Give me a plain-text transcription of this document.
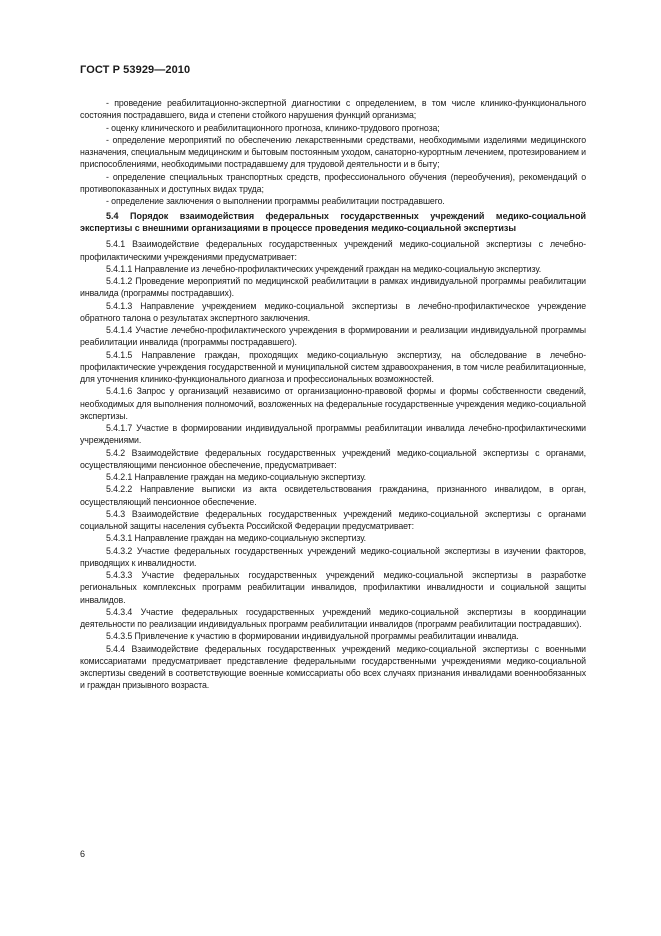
ГОСТ Р 53929—2010

- проведение реабилитационно-экспертной диагностики с определением, в том числе клинико-функционального состояния пострадавшего, вида и степени стойкого нарушения функций организма;

- оценку клинического и реабилитационного прогноза, клинико-трудового прогноза;

- определение мероприятий по обеспечению лекарственными средствами, необходимыми изделиями медицинского назначения, специальным медицинским и бытовым постоянным уходом, санаторно-курортным лечением, протезированием и приспособлениями, необходимыми пострадавшему для трудовой деятельности и в быту;

- определение специальных транспортных средств, профессионального обучения (переобучения), рекомендаций о противопоказанных и доступных видах труда;

- определение заключения о выполнении программы реабилитации пострадавшего.

5.4 Порядок взаимодействия федеральных государственных учреждений медико-социальной экспертизы с внешними организациями в процессе проведения медико-социальной экспертизы

5.4.1 Взаимодействие федеральных государственных учреждений медико-социальной экспертизы с лечебно-профилактическими учреждениями предусматривает:

5.4.1.1 Направление из лечебно-профилактических учреждений граждан на медико-социальную экспертизу.

5.4.1.2 Проведение мероприятий по медицинской реабилитации в рамках индивидуальной программы реабилитации инвалида (программы пострадавших).

5.4.1.3 Направление учреждением медико-социальной экспертизы в лечебно-профилактическое учреждение обратного талона о результатах экспертного заключения.

5.4.1.4 Участие лечебно-профилактического учреждения в формировании и реализации индивидуальной программы реабилитации инвалида (программы пострадавшего).

5.4.1.5 Направление граждан, проходящих медико-социальную экспертизу, на обследование в лечебно-профилактические учреждения государственной и муниципальной систем здравоохранения, в том числе реабилитационные, для уточнения клинико-функционального диагноза и профессиональных возможностей.

5.4.1.6 Запрос у организаций независимо от организационно-правовой формы и формы собственности сведений, необходимых для выполнения полномочий, возложенных на федеральные государственные учреждения медико-социальной экспертизы.

5.4.1.7 Участие в формировании индивидуальной программы реабилитации инвалида лечебно-профилактическими учреждениями.

5.4.2 Взаимодействие федеральных государственных учреждений медико-социальной экспертизы с органами, осуществляющими пенсионное обеспечение, предусматривает:

5.4.2.1 Направление граждан на медико-социальную экспертизу.

5.4.2.2 Направление выписки из акта освидетельствования гражданина, признанного инвалидом, в орган, осуществляющий пенсионное обеспечение.

5.4.3 Взаимодействие федеральных государственных учреждений медико-социальной экспертизы с органами социальной защиты населения субъекта Российской Федерации предусматривает:

5.4.3.1 Направление граждан на медико-социальную экспертизу.

5.4.3.2 Участие федеральных государственных учреждений медико-социальной экспертизы в изучении факторов, приводящих к инвалидности.

5.4.3.3 Участие федеральных государственных учреждений медико-социальной экспертизы в разработке региональных комплексных программ реабилитации инвалидов, профилактики инвалидности и социальной защиты инвалидов.

5.4.3.4 Участие федеральных государственных учреждений медико-социальной экспертизы в координации деятельности по реализации индивидуальных программ реабилитации инвалидов (программ реабилитации пострадавших).

5.4.3.5 Привлечение к участию в формировании индивидуальной программы реабилитации инвалида.

5.4.4 Взаимодействие федеральных государственных учреждений медико-социальной экспертизы с военными комиссариатами предусматривает представление федеральными государственными учреждениями медико-социальной экспертизы сведений в соответствующие военные комиссариаты обо всех случаях признания инвалидами военнообязанных и граждан призывного возраста.

6
